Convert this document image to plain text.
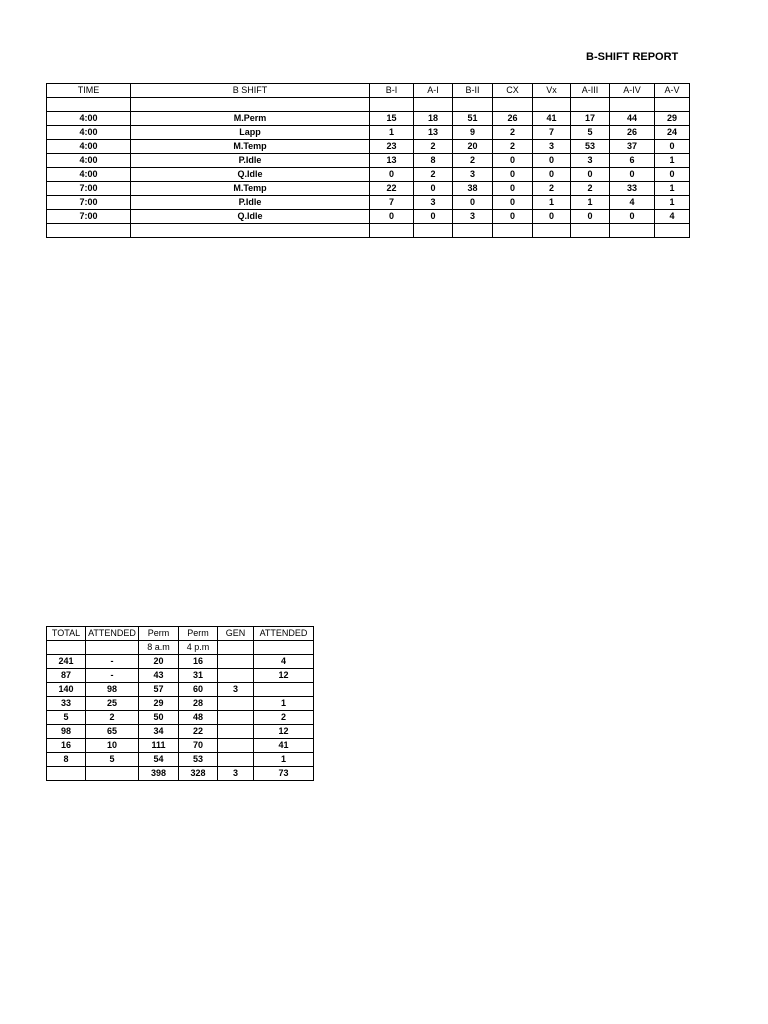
B-SHIFT REPORT
TIME	B SHIFT	B-I	A-I	B-II	CX	Vx	A-III	A-IV	A-V

4:00	M.Perm	15	18	51	26	41	17	44	29
4:00	Lapp	1	13	9	2	7	5	26	24
4:00	M.Temp	23	2	20	2	3	53	37	0
4:00	P.Idle	13	8	2	0	0	3	6	1
4:00	Q.Idle	0	2	3	0	0	0	0	0
7:00	M.Temp	22	0	38	0	2	2	33	1
7:00	P.Idle	7	3	0	0	1	1	4	1
7:00	Q.Idle	0	0	3	0	0	0	0	4

TOTAL	ATTENDED	Perm	Perm	GEN	ATTENDED
		8 a.m	4 p.m		
241	-	20	16		4
87	-	43	31		12
140	98	57	60	3	
33	25	29	28		1
5	2	50	48		2
98	65	34	22		12
16	10	111	70		41
8	5	54	53		1
		398	328	3	73
